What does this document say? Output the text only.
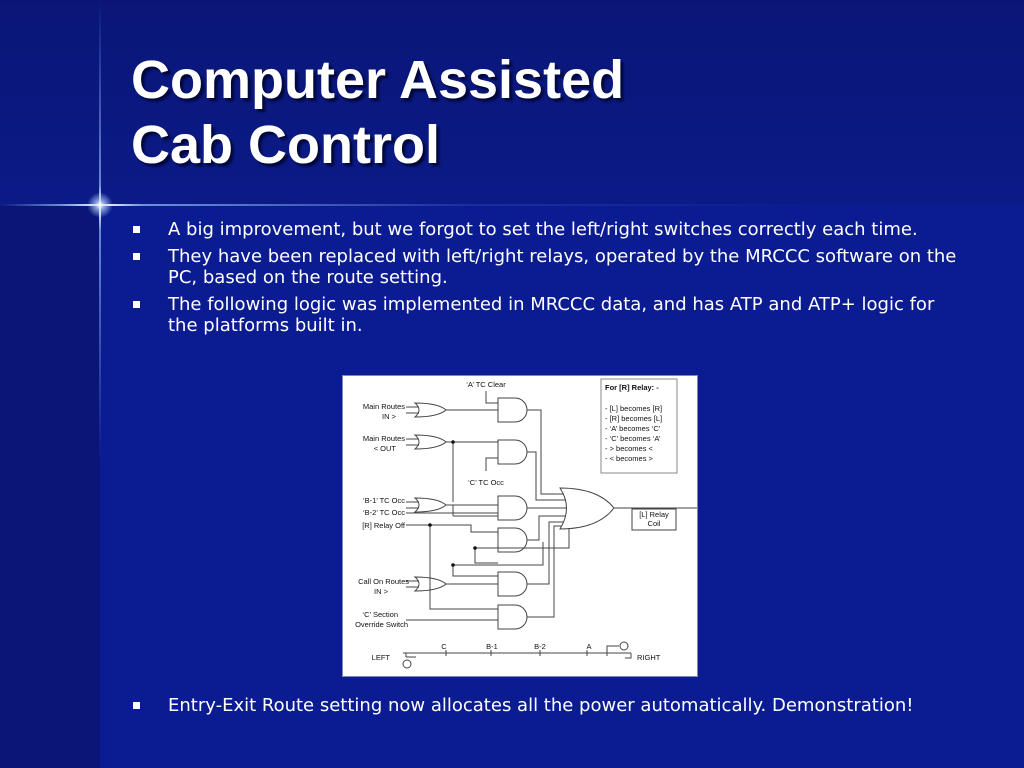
Computer Assisted
Cab Control
A big improvement, but we forgot to set the left/right switches correctly each time.
They have been replaced with left/right relays, operated by the MRCCC software on the PC, based on the route setting.
The following logic was implemented in MRCCC data, and has ATP and ATP+ logic for the platforms built in.
‘A’ TC Clear
‘C’ TC Occ
Main Routes
IN >
Main Routes
< OUT
‘B-1’ TC Occ
‘B-2’ TC Occ
[R] Relay Off
Call On Routes
IN >
‘C’ Section
Override Switch
[L] Relay
Coil
For [R] Relay: -
- [L] becomes [R]
- [R] becomes [L]
- ‘A’ becomes ‘C’
- ‘C’ becomes ‘A’
- > becomes <
- < becomes >
C	B-1	B-2	A
LEFT	RIGHT
Entry-Exit Route setting now allocates all the power automatically. Demonstration!
